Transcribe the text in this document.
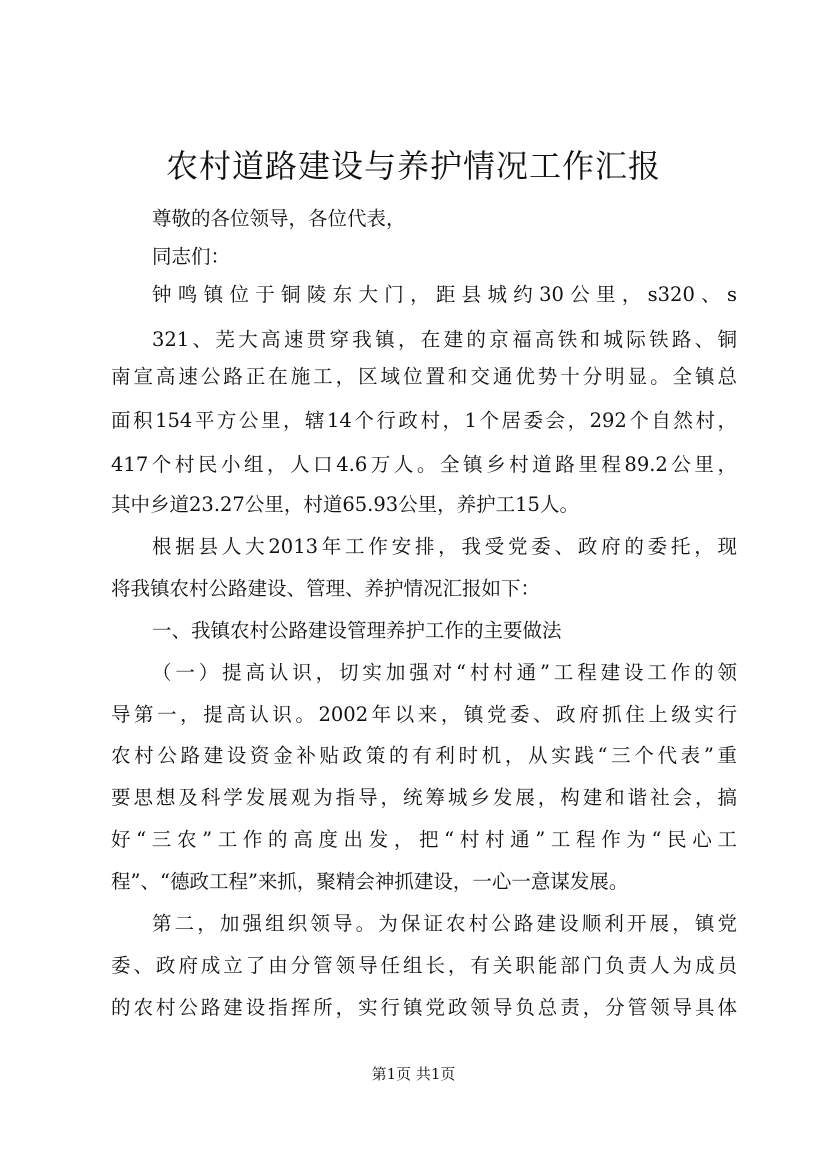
农村道路建设与养护情况工作汇报

尊敬的各位领导，各位代表，

同志们：

钟鸣镇位于铜陵东大门，距县城约30公里，s320、s

321、芜大高速贯穿我镇，在建的京福高铁和城际铁路、铜

南宣高速公路正在施工，区域位置和交通优势十分明显。全镇总

面积154平方公里，辖14个行政村，1个居委会，292个自然村，

417个村民小组，人口4.6万人。全镇乡村道路里程89.2公里，

其中乡道23.27公里，村道65.93公里，养护工15人。

根据县人大2013年工作安排，我受党委、政府的委托，现

将我镇农村公路建设、管理、养护情况汇报如下：

一、我镇农村公路建设管理养护工作的主要做法

（一）提高认识，切实加强对“村村通”工程建设工作的领

导第一，提高认识。2002年以来，镇党委、政府抓住上级实行

农村公路建设资金补贴政策的有利时机，从实践“三个代表”重

要思想及科学发展观为指导，统筹城乡发展，构建和谐社会，搞

好“三农”工作的高度出发，把“村村通”工程作为“民心工

程”、“德政工程”来抓，聚精会神抓建设，一心一意谋发展。

第二，加强组织领导。为保证农村公路建设顺利开展，镇党

委、政府成立了由分管领导任组长，有关职能部门负责人为成员

的农村公路建设指挥所，实行镇党政领导负总责，分管领导具体

第1页 共1页
